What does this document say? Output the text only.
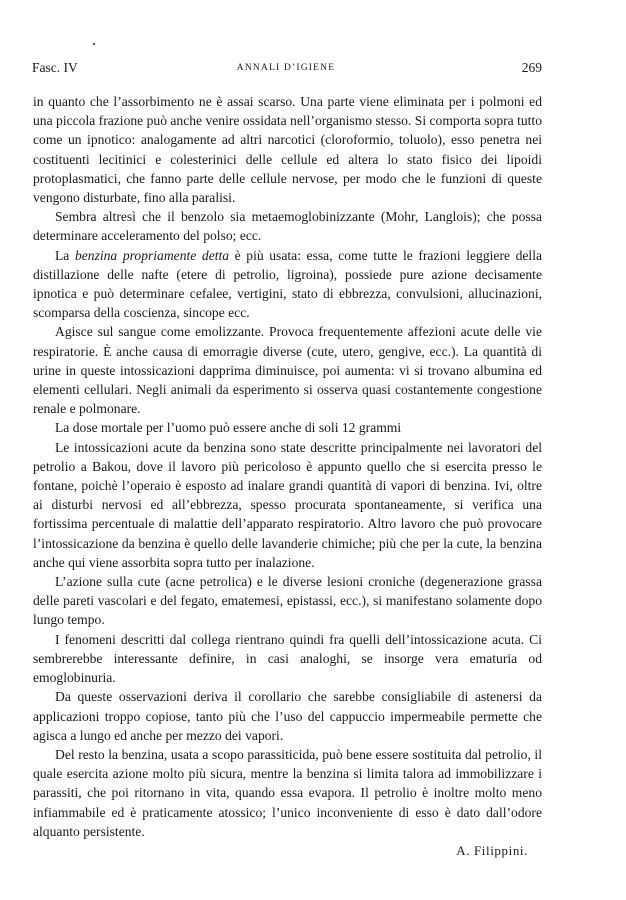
Fasc. IV	ANNALI D’IGIENE	269

in quanto che l’assorbimento ne è assai scarso. Una parte viene eliminata per i polmoni ed una piccola frazione può anche venire ossidata nell’organismo stesso. Si comporta sopra tutto come un ipnotico: analogamente ad altri narcotici (cloroformio, toluolo), esso penetra nei costituenti lecitinici e colesterinici delle cellule ed altera lo stato fisico dei lipoidi protoplasmatici, che fanno parte delle cellule nervose, per modo che le funzioni di queste vengono disturbate, fino alla paralisi.

Sembra altresì che il benzolo sia metaemoglobinizzante (Mohr, Langlois); che possa determinare acceleramento del polso; ecc.

La benzina propriamente detta è più usata: essa, come tutte le frazioni leggiere della distillazione delle nafte (etere di petrolio, ligroina), possiede pure azione decisamente ipnotica e può determinare cefalee, vertigini, stato di ebbrezza, convulsioni, allucinazioni, scomparsa della coscienza, sincope ecc.

Agisce sul sangue come emolizzante. Provoca frequentemente affezioni acute delle vie respiratorie. È anche causa di emorragie diverse (cute, utero, gengive, ecc.). La quantità di urine in queste intossicazioni dapprima diminuisce, poi aumenta: vi si trovano albumina ed elementi cellulari. Negli animali da esperimento si osserva quasi costantemente congestione renale e polmonare.

La dose mortale per l’uomo può essere anche di soli 12 grammi

Le intossicazioni acute da benzina sono state descritte principalmente nei lavoratori del petrolio a Bakou, dove il lavoro più pericoloso è appunto quello che si esercita presso le fontane, poichè l’operaio è esposto ad inalare grandi quantità di vapori di benzina. Ivi, oltre ai disturbi nervosi ed all’ebbrezza, spesso procurata spontaneamente, si verifica una fortissima percentuale di malattie dell’apparato respiratorio. Altro lavoro che può provocare l’intossicazione da benzina è quello delle lavanderie chimiche; più che per la cute, la benzina anche qui viene assorbita sopra tutto per inalazione.

L’azione sulla cute (acne petrolica) e le diverse lesioni croniche (degenerazione grassa delle pareti vascolari e del fegato, ematemesi, epistassi, ecc.), si manifestano solamente dopo lungo tempo.

I fenomeni descritti dal collega rientrano quindi fra quelli dell’intossicazione acuta. Ci sembrerebbe interessante definire, in casi analoghi, se insorge vera ematuria od emoglobinuria.

Da queste osservazioni deriva il corollario che sarebbe consigliabile di astenersi da applicazioni troppo copiose, tanto più che l’uso del cappuccio impermeabile permette che agisca a lungo ed anche per mezzo dei vapori.

Del resto la benzina, usata a scopo parassiticida, può bene essere sostituita dal petrolio, il quale esercita azione molto più sicura, mentre la benzina si limita talora ad immobilizzare i parassiti, che poi ritornano in vita, quando essa evapora. Il petrolio è inoltre molto meno infiammabile ed è praticamente atossico; l’unico inconveniente di esso è dato dall’odore alquanto persistente.

A. Filippini.
